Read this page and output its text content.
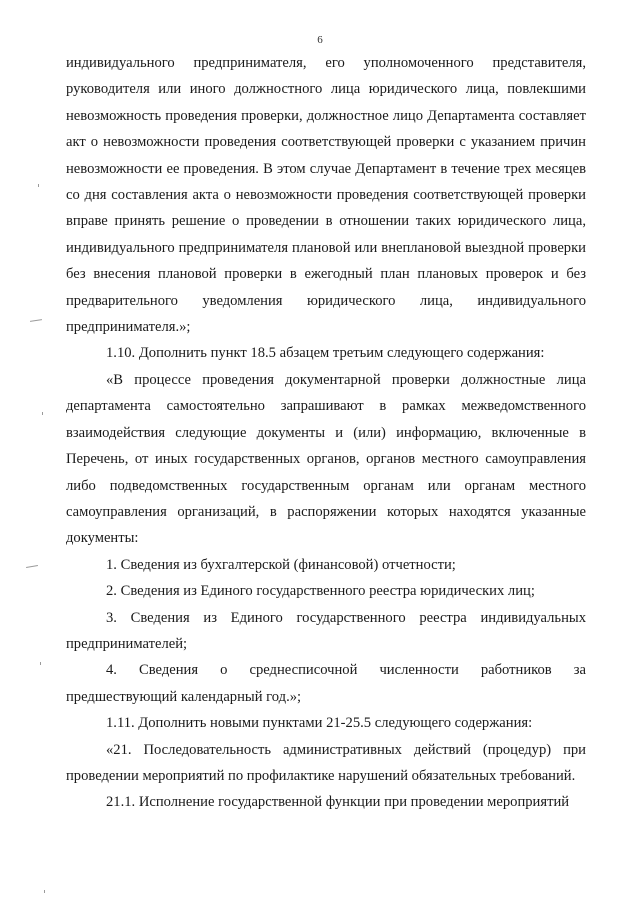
6

индивидуального предпринимателя, его уполномоченного представителя, руководителя или иного должностного лица юридического лица, повлекшими невозможность проведения проверки, должностное лицо Департамента составляет акт о невозможности проведения соответствующей проверки с указанием причин невозможности ее проведения. В этом случае Департамент в течение трех месяцев со дня составления акта о невозможности проведения соответствующей проверки вправе принять решение о проведении в отношении таких юридического лица, индивидуального предпринимателя плановой или внеплановой выездной проверки без внесения плановой проверки в ежегодный план плановых проверок и без предварительного уведомления юридического лица, индивидуального предпринимателя.»;

1.10. Дополнить пункт 18.5 абзацем третьим следующего содержания:

«В процессе проведения документарной проверки должностные лица департамента самостоятельно запрашивают в рамках межведомственного взаимодействия следующие документы и (или) информацию, включенные в Перечень, от иных государственных органов, органов местного самоуправления либо подведомственных государственным органам или органам местного самоуправления организаций, в распоряжении которых находятся указанные документы:

1. Сведения из бухгалтерской (финансовой) отчетности;

2. Сведения из Единого государственного реестра юридических лиц;

3. Сведения из Единого государственного реестра индивидуальных предпринимателей;

4. Сведения о среднесписочной численности работников за предшествующий календарный год.»;

1.11. Дополнить новыми пунктами 21-25.5 следующего содержания:

«21. Последовательность административных действий (процедур) при проведении мероприятий по профилактике нарушений обязательных требований.

21.1. Исполнение государственной функции при проведении мероприятий
